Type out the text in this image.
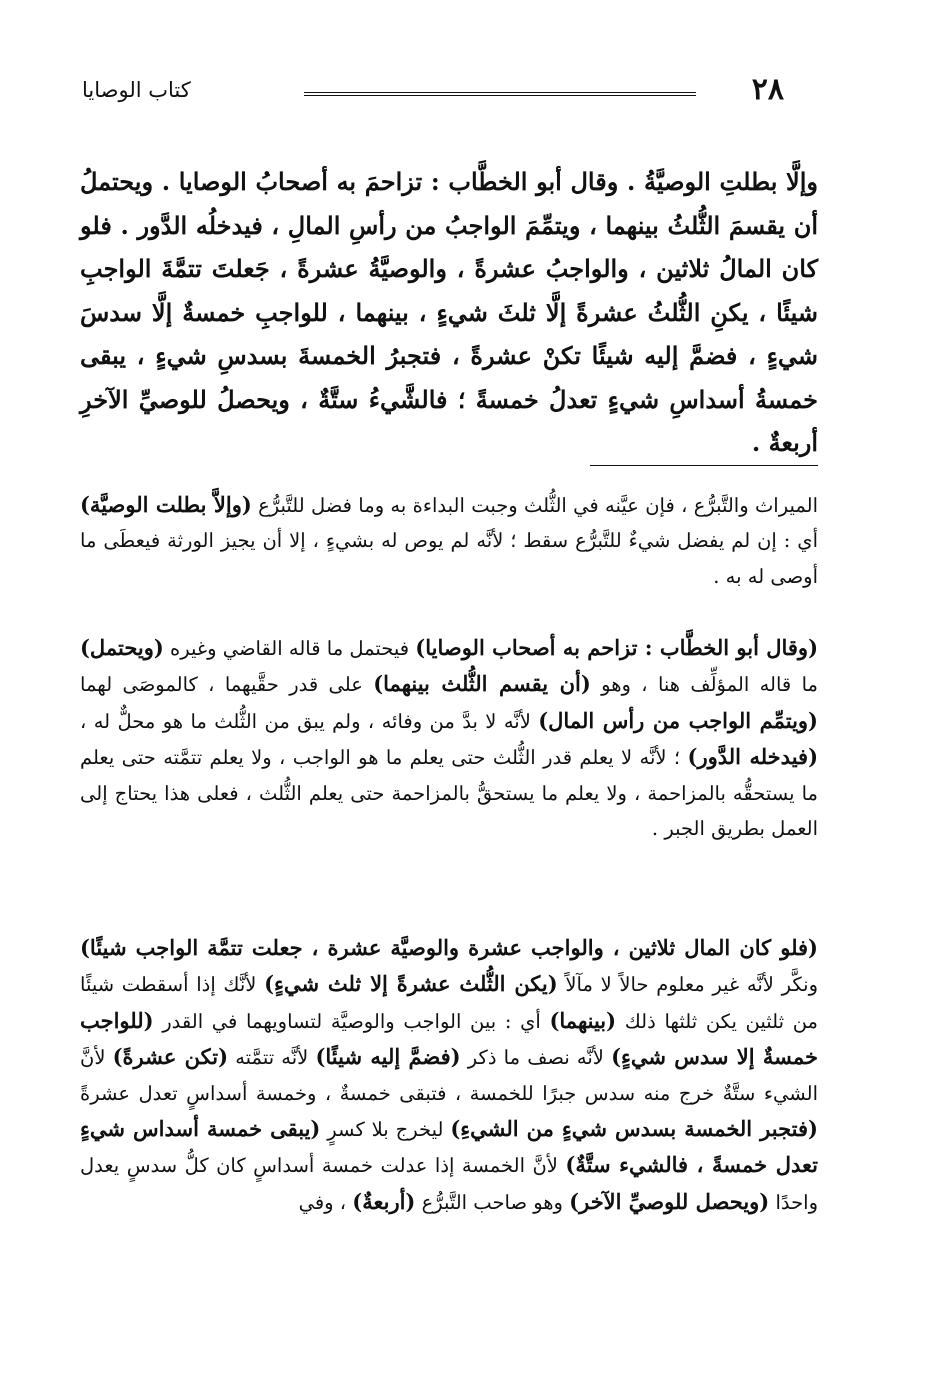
٢٨
كتاب الوصايا
وإلَّا بطلتِ الوصيَّةُ . وقال أبو الخطَّاب : تزاحمَ به أصحابُ الوصايا . ويحتملُ أن يقسمَ الثُّلثُ بينهما ، ويتمِّمَ الواجبُ من رأسِ المالِ ، فيدخلُه الدَّور . فلو كان المالُ ثلاثين ، والواجبُ عشرةً ، والوصيَّةُ عشرةً ، جَعلتَ تتمَّةَ الواجبِ شيئًا ، يكنِ الثُّلثُ عشرةً إلَّا ثلثَ شيءٍ ، بينهما ، للواجبِ خمسةٌ إلَّا سدسَ شيءٍ ، فضمَّ إليه شيئًا تكنْ عشرةً ، فتجبرُ الخمسةَ بسدسِ شيءٍ ، يبقى خمسةُ أسداسِ شيءٍ تعدلُ خمسةً ؛ فالشَّيءُ ستَّةٌ ، ويحصلُ للوصيِّ الآخرِ أربعةٌ .
الميراث والتَّبرُّع ، فإن عيَّنه في الثُّلث وجبت البداءة به وما فضل للتَّبرُّع (وإلاَّ بطلت الوصيَّة) أي : إن لم يفضل شيءٌ للتَّبرُّع سقط ؛ لأنَّه لم يوص له بشيءٍ ، إلا أن يجيز الورثة فيعطَى ما أوصى له به .
(وقال أبو الخطَّاب : تزاحم به أصحاب الوصايا) فيحتمل ما قاله القاضي وغيره (ويحتمل) ما قاله المؤلِّف هنا ، وهو (أن يقسم الثُّلث بينهما) على قدر حقَّيهما ، كالموصَى لهما (ويتمِّم الواجب من رأس المال) لأنَّه لا بدَّ من وفائه ، ولم يبق من الثُّلث ما هو محلٌّ له ، (فيدخله الدَّور) ؛ لأنَّه لا يعلم قدر الثُّلث حتى يعلم ما هو الواجب ، ولا يعلم تتمَّته حتى يعلم ما يستحقُّه بالمزاحمة ، ولا يعلم ما يستحقُّ بالمزاحمة حتى يعلم الثُّلث ، فعلى هذا يحتاج إلى العمل بطريق الجبر .
(فلو كان المال ثلاثين ، والواجب عشرة والوصيَّة عشرة ، جعلت تتمَّة الواجب شيئًا) ونكَّر لأنَّه غير معلوم حالاً لا مآلاً (يكن الثُّلث عشرةً إلا ثلث شيءٍ) لأنَّك إذا أسقطت شيئًا من ثلثين يكن ثلثها ذلك (بينهما) أي : بين الواجب والوصيَّة لتساويهما في القدر (للواجب خمسةٌ إلا سدس شيءٍ) لأنَّه نصف ما ذكر (فضمَّ إليه شيئًا) لأنَّه تتمَّته (تكن عشرةً) لأنَّ الشيء ستَّةٌ خرج منه سدس جبرًا للخمسة ، فتبقى خمسةٌ ، وخمسة أسداسٍ تعدل عشرةً (فتجبر الخمسة بسدس شيءٍ من الشيءِ) ليخرج بلا كسرٍ (يبقى خمسة أسداس شيءٍ تعدل خمسةً ، فالشيء ستَّةٌ) لأنَّ الخمسة إذا عدلت خمسة أسداسٍ كان كلُّ سدسٍ يعدل واحدًا (ويحصل للوصيِّ الآخر) وهو صاحب التَّبرُّع (أربعةٌ) ، وفي
